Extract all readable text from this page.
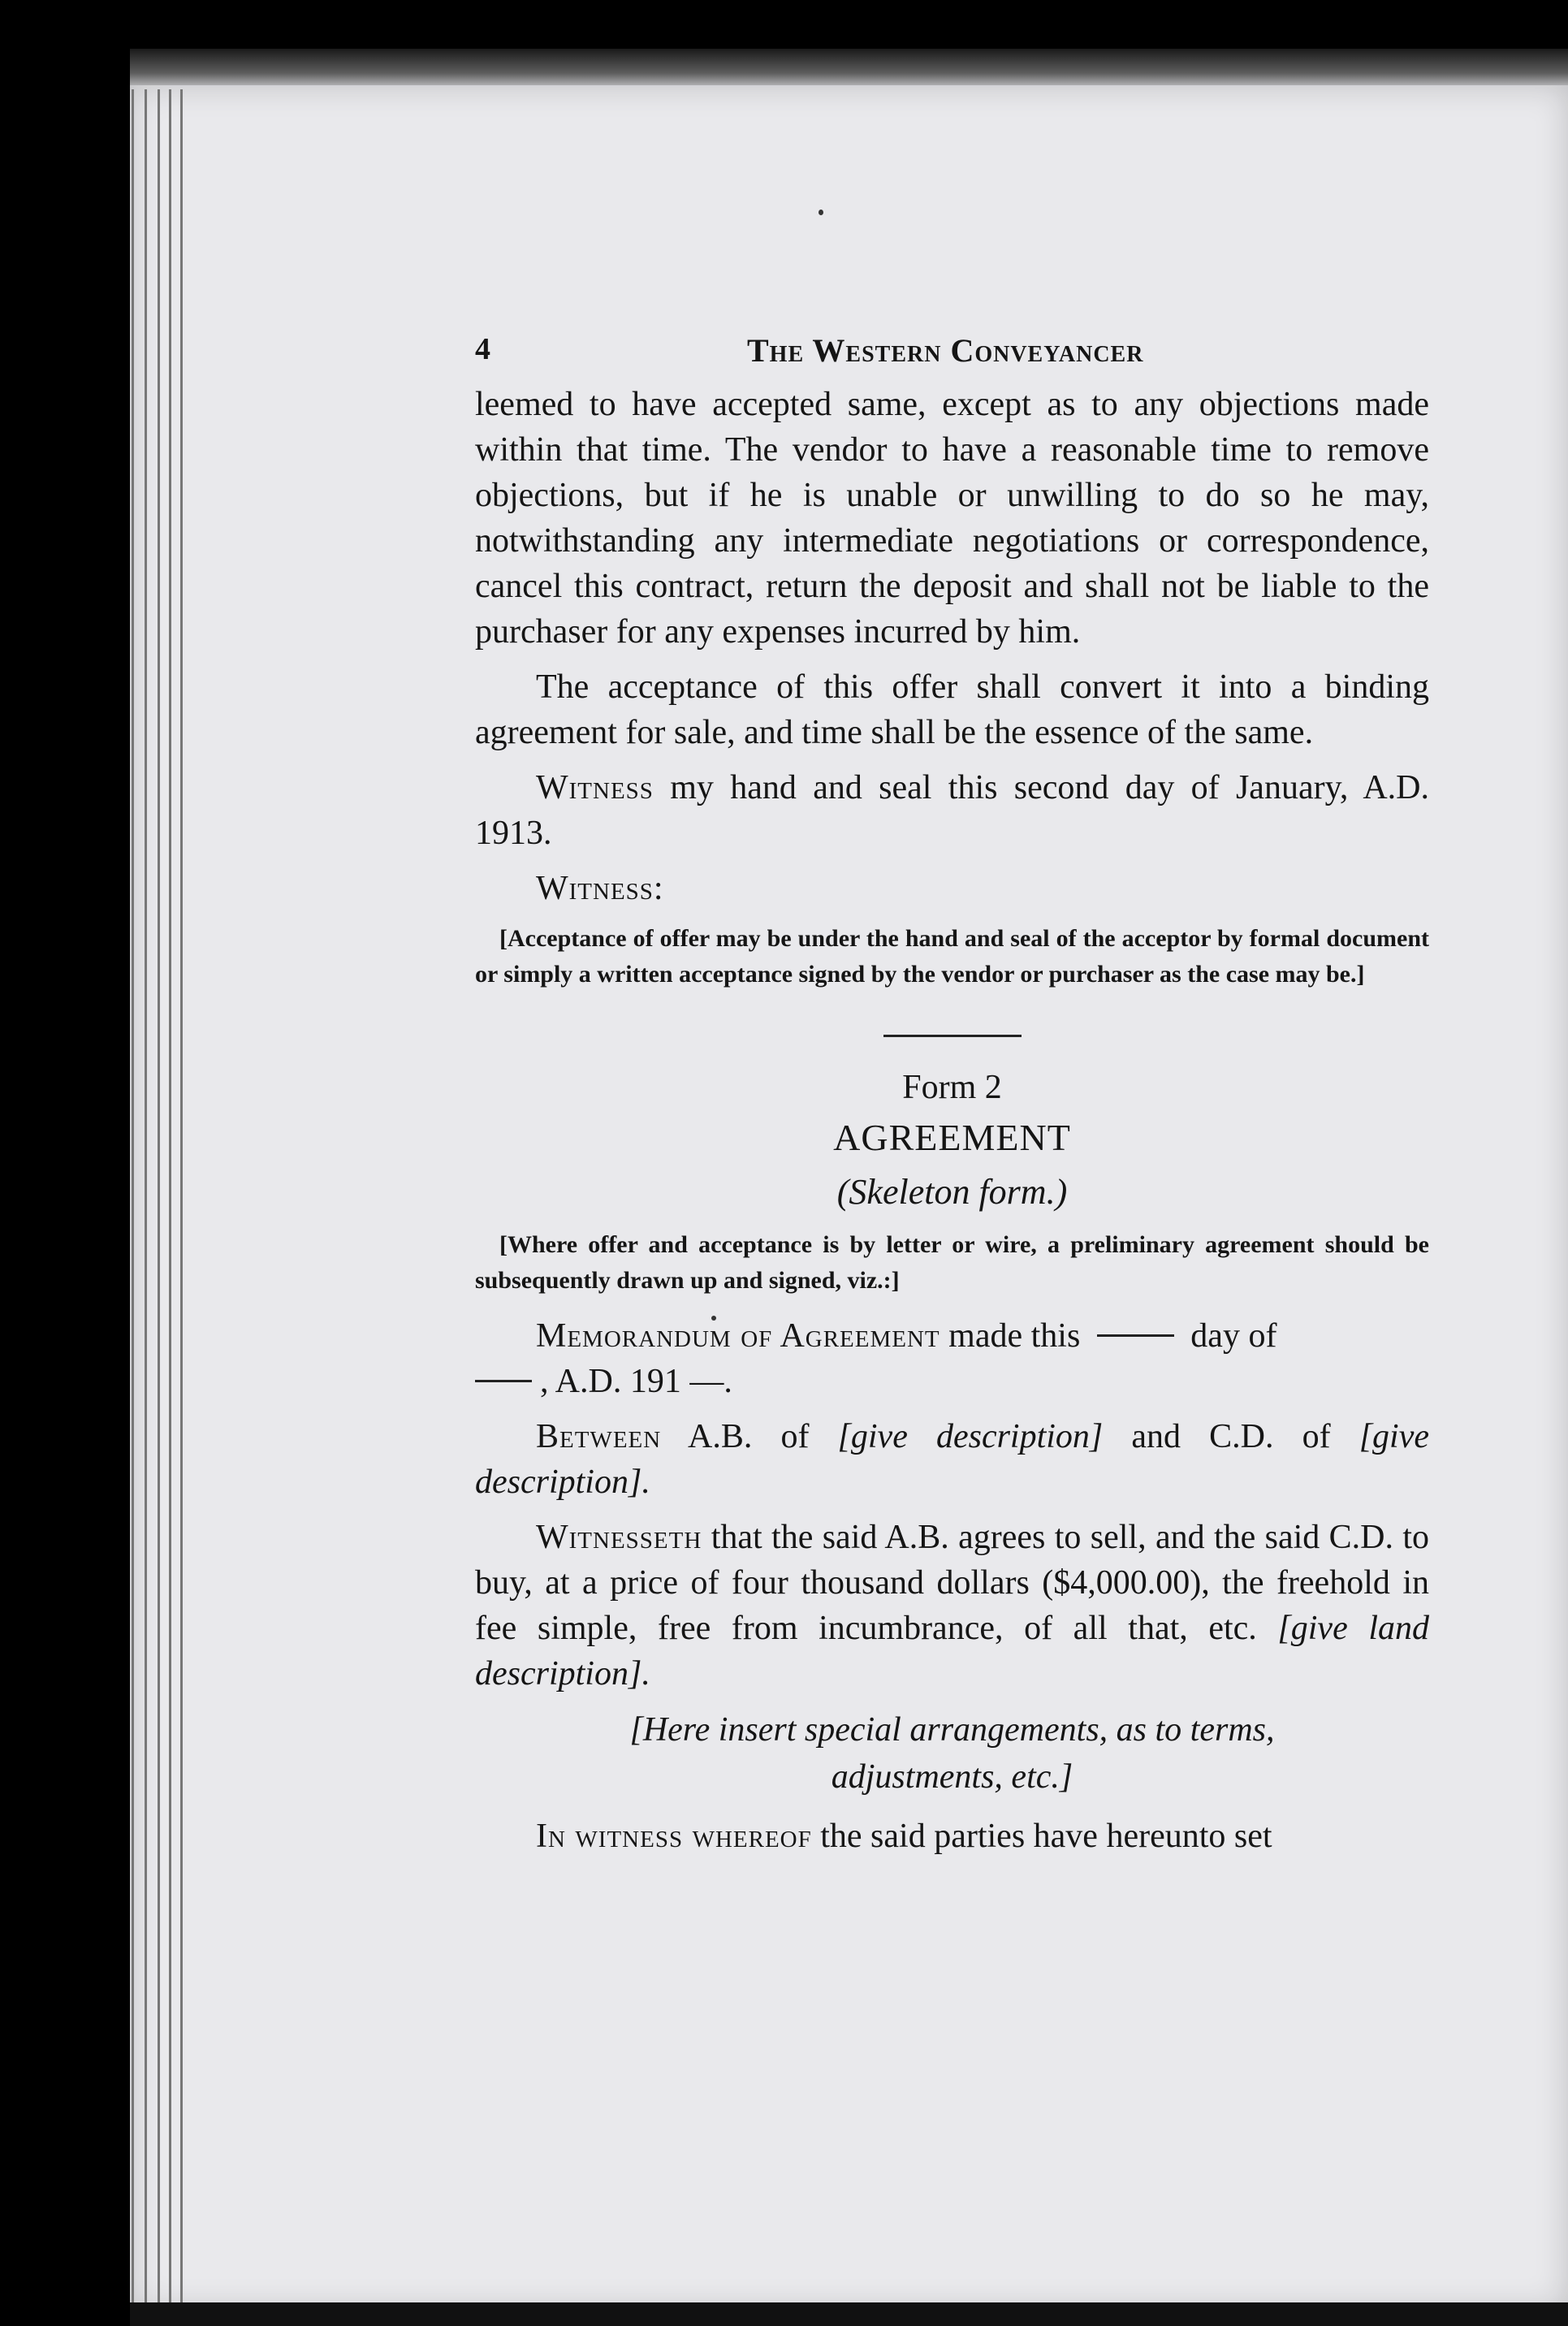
4	The Western Conveyancer

leemed to have accepted same, except as to any objections made within that time. The vendor to have a reasonable time to remove objections, but if he is unable or unwilling to do so he may, notwithstanding any intermediate negotiations or correspondence, cancel this contract, return the deposit and shall not be liable to the purchaser for any expenses incurred by him.

The acceptance of this offer shall convert it into a binding agreement for sale, and time shall be the essence of the same.

Witness my hand and seal this second day of January, A.D. 1913.

Witness:

[Acceptance of offer may be under the hand and seal of the acceptor by formal document or simply a written acceptance signed by the vendor or purchaser as the case may be.]

Form 2

AGREEMENT

(Skeleton form.)

[Where offer and acceptance is by letter or wire, a preliminary agreement should be subsequently drawn up and signed, viz.:]

Memorandum of Agreement made this	day of
, A.D. 191 —.

Between A.B. of [give description] and C.D. of [give description].

Witnesseth that the said A.B. agrees to sell, and the said C.D. to buy, at a price of four thousand dollars ($4,000.00), the freehold in fee simple, free from incumbrance, of all that, etc. [give land description].

[Here insert special arrangements, as to terms,
adjustments, etc.]

In witness whereof the said parties have hereunto set
